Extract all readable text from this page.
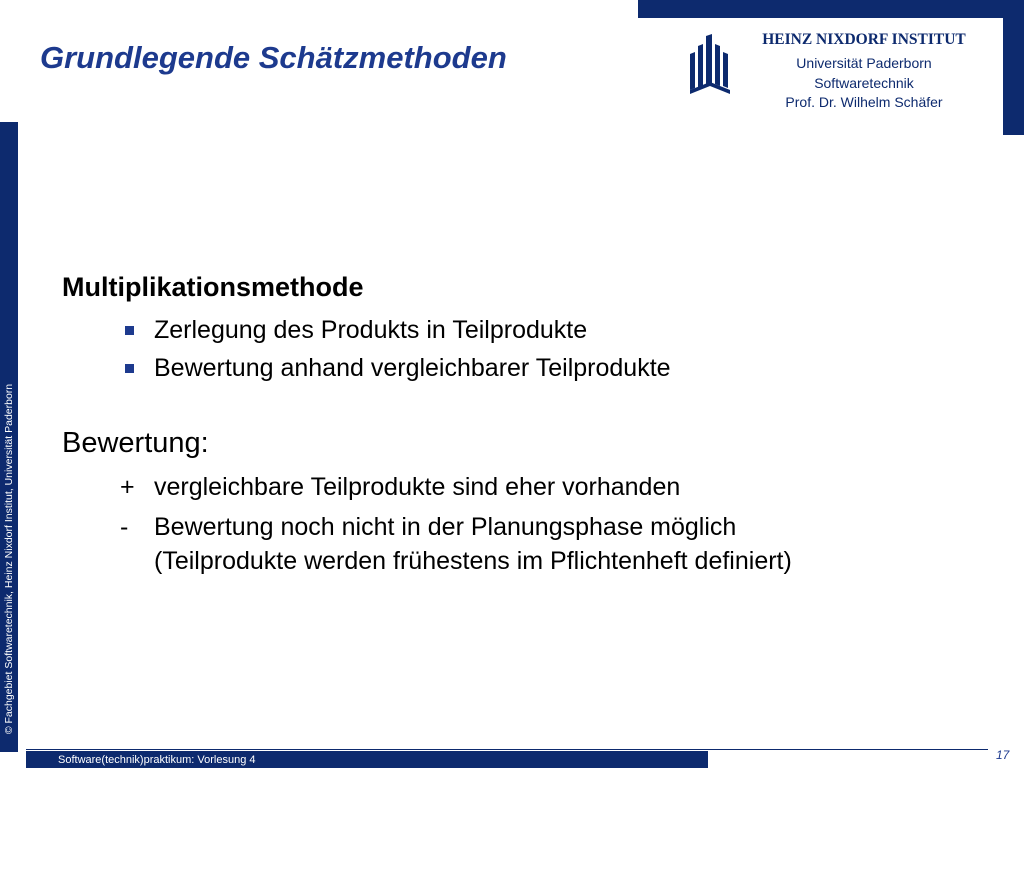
© Fachgebiet Softwaretechnik, Heinz Nixdorf Institut, Universität Paderborn
Grundlegende Schätzmethoden
HEINZ NIXDORF INSTITUT
Universität Paderborn
Softwaretechnik
Prof. Dr. Wilhelm Schäfer
Multiplikationsmethode
Zerlegung des Produkts in Teilprodukte
Bewertung anhand vergleichbarer Teilprodukte
Bewertung:
+ vergleichbare Teilprodukte sind eher vorhanden
- Bewertung noch nicht in der Planungsphase möglich
(Teilprodukte werden frühestens im Pflichtenheft definiert)
Software(technik)praktikum: Vorlesung 4	17
